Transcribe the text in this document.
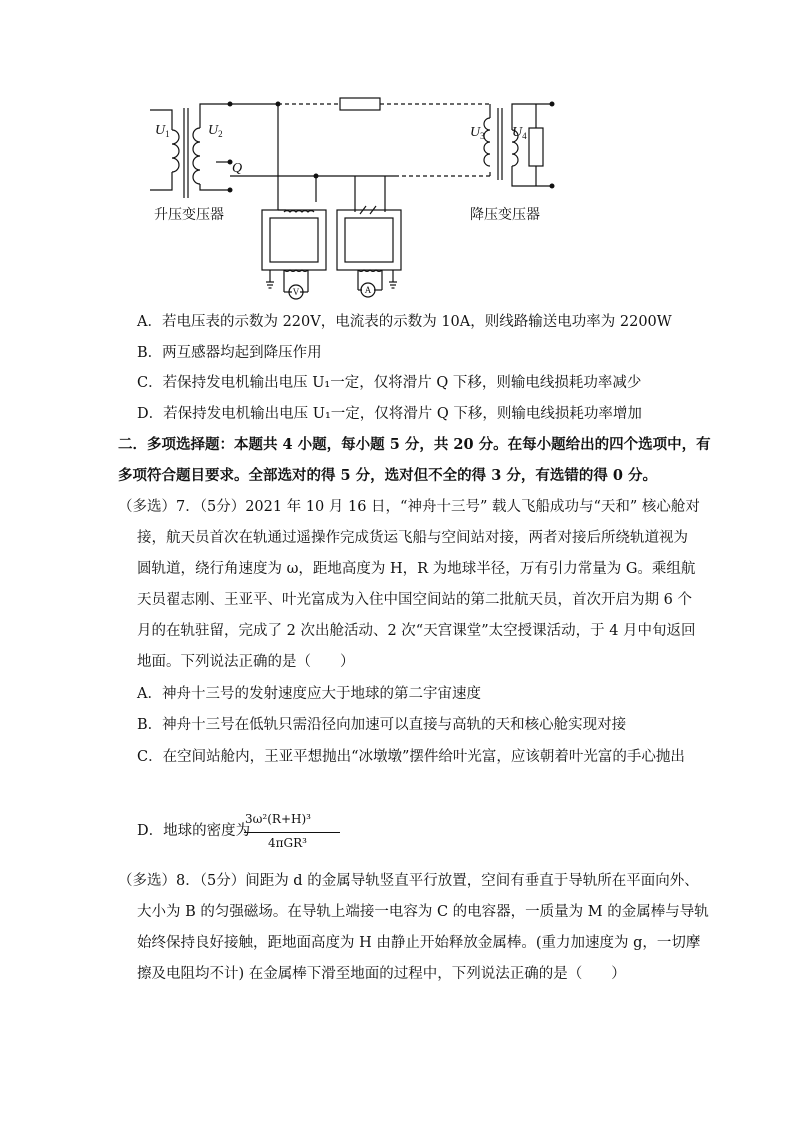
$U_1$	$U_2$	$U_3$ $U_4$
Q
V	A
升压变压器	降压变压器
A．若电压表的示数为 220V，电流表的示数为 10A，则线路输送电功率为 2200W
B．两互感器均起到降压作用
C．若保持发电机输出电压 U₁一定，仅将滑片 Q 下移，则输电线损耗功率减少
D．若保持发电机输出电压 U₁一定，仅将滑片 Q 下移，则输电线损耗功率增加
二．多项选择题：本题共 4 小题，每小题 5 分，共 20 分。在每小题给出的四个选项中，有
多项符合题目要求。全部选对的得 5 分，选对但不全的得 3 分，有选错的得 0 分。
（多选）7．（5分）2021 年 10 月 16 日，“神舟十三号” 载人飞船成功与“天和” 核心舱对
接，航天员首次在轨通过遥操作完成货运飞船与空间站对接，两者对接后所绕轨道视为
圆轨道，绕行角速度为 ω，距地高度为 H，R 为地球半径，万有引力常量为 G。乘组航
天员翟志刚、王亚平、叶光富成为入住中国空间站的第二批航天员，首次开启为期 6 个
月的在轨驻留，完成了 2 次出舱活动、2 次“天宫课堂”太空授课活动，于 4 月中旬返回
地面。下列说法正确的是（　　）
A．神舟十三号的发射速度应大于地球的第二宇宙速度
B．神舟十三号在低轨只需沿径向加速可以直接与高轨的天和核心舱实现对接
C．在空间站舱内，王亚平想抛出“冰墩墩”摆件给叶光富，应该朝着叶光富的手心抛出
D．地球的密度为
3ω²(R+H)³
4πGR³
（多选）8．（5分）间距为 d 的金属导轨竖直平行放置，空间有垂直于导轨所在平面向外、
大小为 B 的匀强磁场。在导轨上端接一电容为 C 的电容器，一质量为 M 的金属棒与导轨
始终保持良好接触，距地面高度为 H 由静止开始释放金属棒。(重力加速度为 g，一切摩
擦及电阻均不计) 在金属棒下滑至地面的过程中，下列说法正确的是（　　）
